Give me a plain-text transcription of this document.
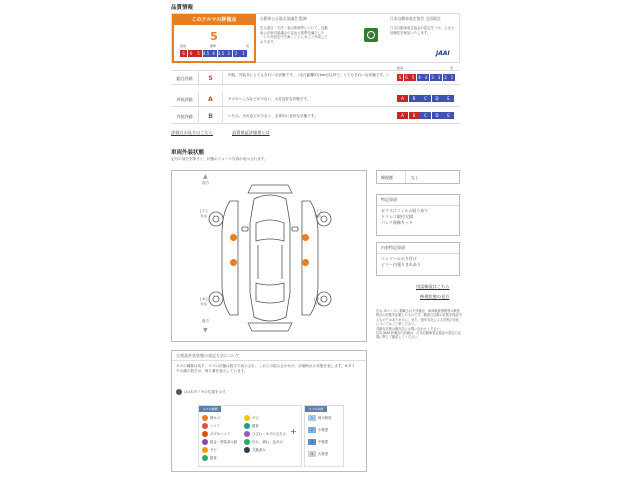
品質情報
このクルマの評価点
5
S 6 5 4.5 4 3.5 3 2 1
最高	標準	低
自動車公正取引協議会 監修
走る道目・方法・表示体制等について、自動車公正取引協議会の定める基準を満たした「トヨタ認定中古車」ごとに本ごと作成しております。
日本自動車査定協会 全国販売
日本自動車査定協会の認定をうけ、公正さ・信頼性を保証いたします。
JAAI
総合評価	S	内装、外装共にとてもきれいな状態です。（走行距離5万kmの以内で、とてもきれいな状態です。）	S 6 5 4 4 3 3 2 1
外装評価	A	キズやへこみなどが少ない、大変良好な状態です。	A B C D E
内装評価	B	いたみ、汚れなどが少なく、全体的に良好な状態です。	A B C D E
最高	低
評価点の見方はこちら	品質保証評価書とは
車両外装状態
記号の部分を押すと、状態のイメージ写真が表示されます。
前方
▲
後方
▼
[ 7 ]
分山
[ 7 ]
分山
[ 8 ]
分山
[ 8 ]
分山
修復歴	なし
特記事項
ガラスにフィルム貼りあり
ドラレコ取付欠損
バンク保修キット
内装特記事項
コンソールのり付け
ピラー内張りきれあり
用語解説はこちら
修理状態の見方
注1) 本ページに掲載された評価点、車両検査情報等は検査時点の状態を記載したものです。検査日以降の状態を保証するものではありません。また、経年劣化による状態の変化についてはご了承ください。
詳細な状態は販売店にお問い合わせください。
注2) JAAI 評価点の詳細は、日本自動車査定協会の認定の定義に準じて確認してください。
全商品外装状態の表記方法について
キズの種類は英字、キズの状態は数字で表示され、これらの組み合わせが、評価時点の状態を表します。※タイヤの溝の数字は、残り溝を表示しています。
は4本タイヤの位置を示す
キズの種類
傷キズ
ヘコミ
キズ＆ヘコミ
板金・塗装済み跡
サビ
腐食
サビ
腐食
ひびれ・キズの大きさ
汚れ、剥れ、色あせ
交換済み
+
キズの状態
1 極小程度
2 小程度
3 中程度
4 大程度
